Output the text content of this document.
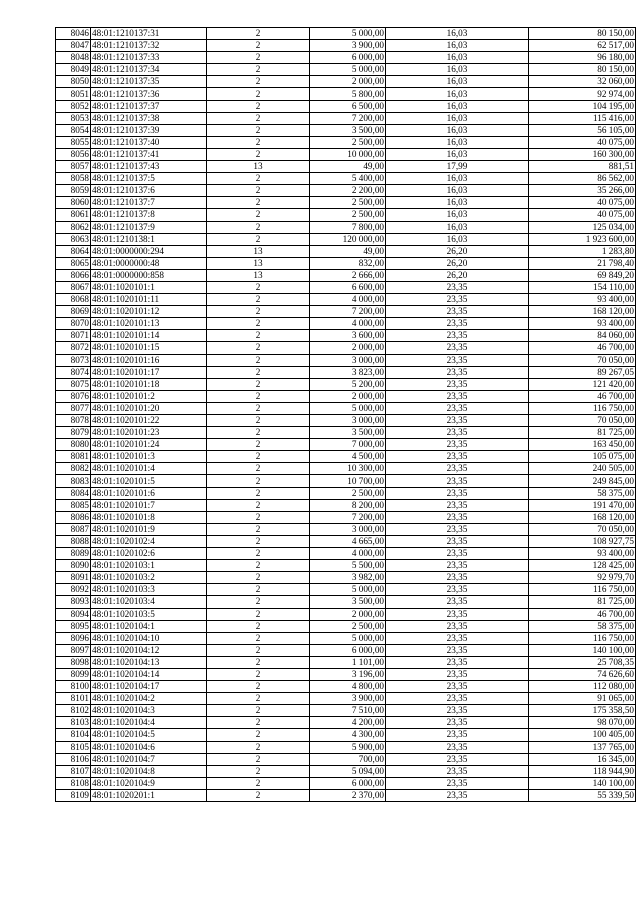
8046	48:01:1210137:31	2	5 000,00	16,03	80 150,00
8047	48:01:1210137:32	2	3 900,00	16,03	62 517,00
8048	48:01:1210137:33	2	6 000,00	16,03	96 180,00
8049	48:01:1210137:34	2	5 000,00	16,03	80 150,00
8050	48:01:1210137:35	2	2 000,00	16,03	32 060,00
8051	48:01:1210137:36	2	5 800,00	16,03	92 974,00
8052	48:01:1210137:37	2	6 500,00	16,03	104 195,00
8053	48:01:1210137:38	2	7 200,00	16,03	115 416,00
8054	48:01:1210137:39	2	3 500,00	16,03	56 105,00
8055	48:01:1210137:40	2	2 500,00	16,03	40 075,00
8056	48:01:1210137:41	2	10 000,00	16,03	160 300,00
8057	48:01:1210137:43	13	49,00	17,99	881,51
8058	48:01:1210137:5	2	5 400,00	16,03	86 562,00
8059	48:01:1210137:6	2	2 200,00	16,03	35 266,00
8060	48:01:1210137:7	2	2 500,00	16,03	40 075,00
8061	48:01:1210137:8	2	2 500,00	16,03	40 075,00
8062	48:01:1210137:9	2	7 800,00	16,03	125 034,00
8063	48:01:1210138:1	2	120 000,00	16,03	1 923 600,00
8064	48:01:0000000:294	13	49,00	26,20	1 283,80
8065	48:01:0000000:48	13	832,00	26,20	21 798,40
8066	48:01:0000000:858	13	2 666,00	26,20	69 849,20
8067	48:01:1020101:1	2	6 600,00	23,35	154 110,00
8068	48:01:1020101:11	2	4 000,00	23,35	93 400,00
8069	48:01:1020101:12	2	7 200,00	23,35	168 120,00
8070	48:01:1020101:13	2	4 000,00	23,35	93 400,00
8071	48:01:1020101:14	2	3 600,00	23,35	84 060,00
8072	48:01:1020101:15	2	2 000,00	23,35	46 700,00
8073	48:01:1020101:16	2	3 000,00	23,35	70 050,00
8074	48:01:1020101:17	2	3 823,00	23,35	89 267,05
8075	48:01:1020101:18	2	5 200,00	23,35	121 420,00
8076	48:01:1020101:2	2	2 000,00	23,35	46 700,00
8077	48:01:1020101:20	2	5 000,00	23,35	116 750,00
8078	48:01:1020101:22	2	3 000,00	23,35	70 050,00
8079	48:01:1020101:23	2	3 500,00	23,35	81 725,00
8080	48:01:1020101:24	2	7 000,00	23,35	163 450,00
8081	48:01:1020101:3	2	4 500,00	23,35	105 075,00
8082	48:01:1020101:4	2	10 300,00	23,35	240 505,00
8083	48:01:1020101:5	2	10 700,00	23,35	249 845,00
8084	48:01:1020101:6	2	2 500,00	23,35	58 375,00
8085	48:01:1020101:7	2	8 200,00	23,35	191 470,00
8086	48:01:1020101:8	2	7 200,00	23,35	168 120,00
8087	48:01:1020101:9	2	3 000,00	23,35	70 050,00
8088	48:01:1020102:4	2	4 665,00	23,35	108 927,75
8089	48:01:1020102:6	2	4 000,00	23,35	93 400,00
8090	48:01:1020103:1	2	5 500,00	23,35	128 425,00
8091	48:01:1020103:2	2	3 982,00	23,35	92 979,70
8092	48:01:1020103:3	2	5 000,00	23,35	116 750,00
8093	48:01:1020103:4	2	3 500,00	23,35	81 725,00
8094	48:01:1020103:5	2	2 000,00	23,35	46 700,00
8095	48:01:1020104:1	2	2 500,00	23,35	58 375,00
8096	48:01:1020104:10	2	5 000,00	23,35	116 750,00
8097	48:01:1020104:12	2	6 000,00	23,35	140 100,00
8098	48:01:1020104:13	2	1 101,00	23,35	25 708,35
8099	48:01:1020104:14	2	3 196,00	23,35	74 626,60
8100	48:01:1020104:17	2	4 800,00	23,35	112 080,00
8101	48:01:1020104:2	2	3 900,00	23,35	91 065,00
8102	48:01:1020104:3	2	7 510,00	23,35	175 358,50
8103	48:01:1020104:4	2	4 200,00	23,35	98 070,00
8104	48:01:1020104:5	2	4 300,00	23,35	100 405,00
8105	48:01:1020104:6	2	5 900,00	23,35	137 765,00
8106	48:01:1020104:7	2	700,00	23,35	16 345,00
8107	48:01:1020104:8	2	5 094,00	23,35	118 944,90
8108	48:01:1020104:9	2	6 000,00	23,35	140 100,00
8109	48:01:1020201:1	2	2 370,00	23,35	55 339,50
